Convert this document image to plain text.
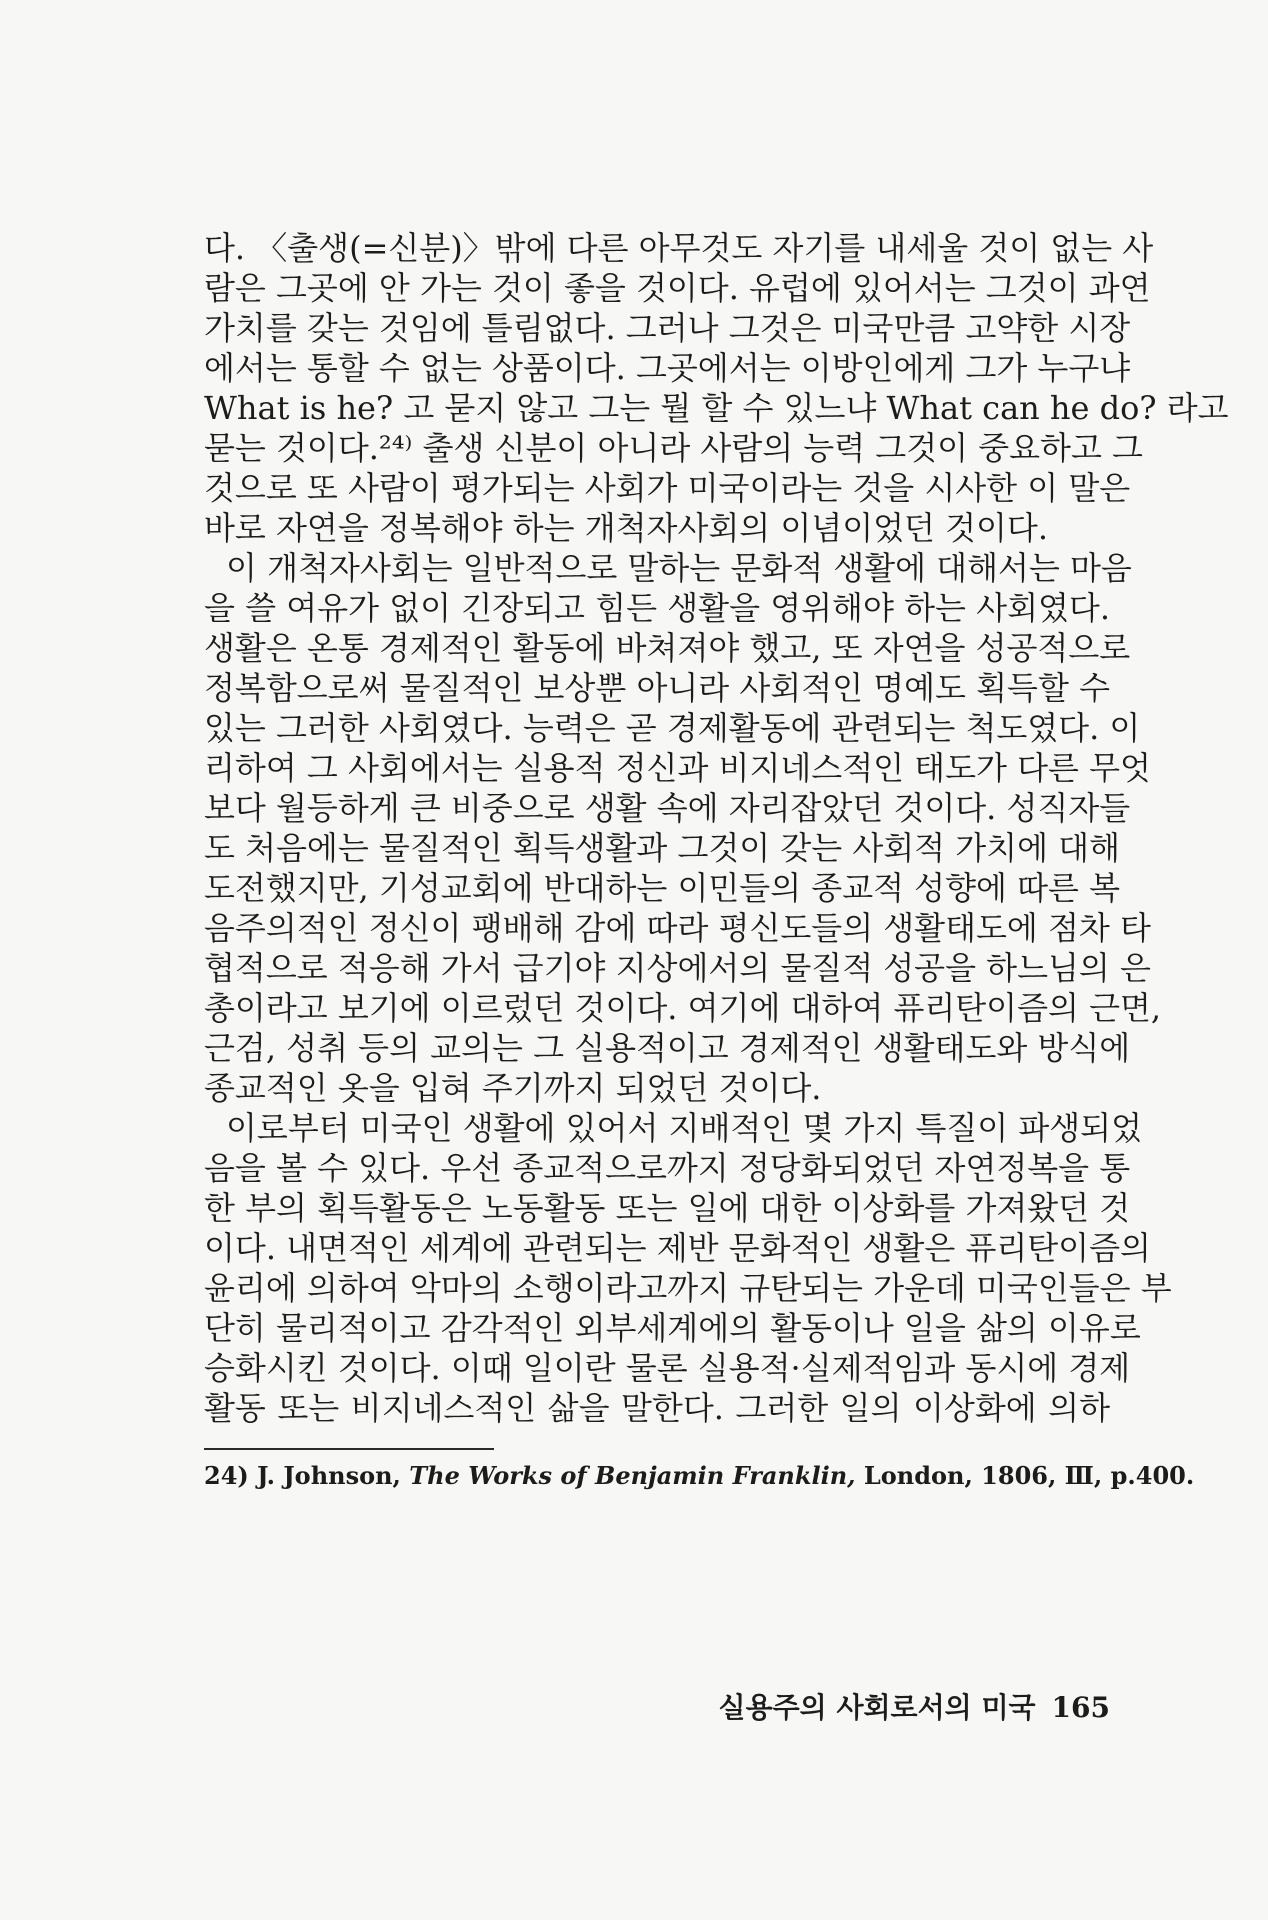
다. 〈출생(=신분)〉밖에 다른 아무것도 자기를 내세울 것이 없는 사
람은 그곳에 안 가는 것이 좋을 것이다. 유럽에 있어서는 그것이 과연
가치를 갖는 것임에 틀림없다. 그러나 그것은 미국만큼 고약한 시장
에서는 통할 수 없는 상품이다. 그곳에서는 이방인에게 그가 누구냐
What is he? 고 묻지 않고 그는 뭘 할 수 있느냐 What can he do? 라고
묻는 것이다.²⁴⁾ 출생 신분이 아니라 사람의 능력 그것이 중요하고 그
것으로 또 사람이 평가되는 사회가 미국이라는 것을 시사한 이 말은
바로 자연을 정복해야 하는 개척자사회의 이념이었던 것이다.
이 개척자사회는 일반적으로 말하는 문화적 생활에 대해서는 마음
을 쓸 여유가 없이 긴장되고 힘든 생활을 영위해야 하는 사회였다.
생활은 온통 경제적인 활동에 바쳐져야 했고, 또 자연을 성공적으로
정복함으로써 물질적인 보상뿐 아니라 사회적인 명예도 획득할 수
있는 그러한 사회였다. 능력은 곧 경제활동에 관련되는 척도였다. 이
리하여 그 사회에서는 실용적 정신과 비지네스적인 태도가 다른 무엇
보다 월등하게 큰 비중으로 생활 속에 자리잡았던 것이다. 성직자들
도 처음에는 물질적인 획득생활과 그것이 갖는 사회적 가치에 대해
도전했지만, 기성교회에 반대하는 이민들의 종교적 성향에 따른 복
음주의적인 정신이 팽배해 감에 따라 평신도들의 생활태도에 점차 타
협적으로 적응해 가서 급기야 지상에서의 물질적 성공을 하느님의 은
총이라고 보기에 이르렀던 것이다. 여기에 대하여 퓨리탄이즘의 근면,
근검, 성취 등의 교의는 그 실용적이고 경제적인 생활태도와 방식에
종교적인 옷을 입혀 주기까지 되었던 것이다.
이로부터 미국인 생활에 있어서 지배적인 몇 가지 특질이 파생되었
음을 볼 수 있다. 우선 종교적으로까지 정당화되었던 자연정복을 통
한 부의 획득활동은 노동활동 또는 일에 대한 이상화를 가져왔던 것
이다. 내면적인 세계에 관련되는 제반 문화적인 생활은 퓨리탄이즘의
윤리에 의하여 악마의 소행이라고까지 규탄되는 가운데 미국인들은 부
단히 물리적이고 감각적인 외부세계에의 활동이나 일을 삶의 이유로
승화시킨 것이다. 이때 일이란 물론 실용적·실제적임과 동시에 경제
활동 또는 비지네스적인 삶을 말한다. 그러한 일의 이상화에 의하
24) J. Johnson, The Works of Benjamin Franklin, London, 1806, Ⅲ, p.400.
실용주의 사회로서의 미국 165
